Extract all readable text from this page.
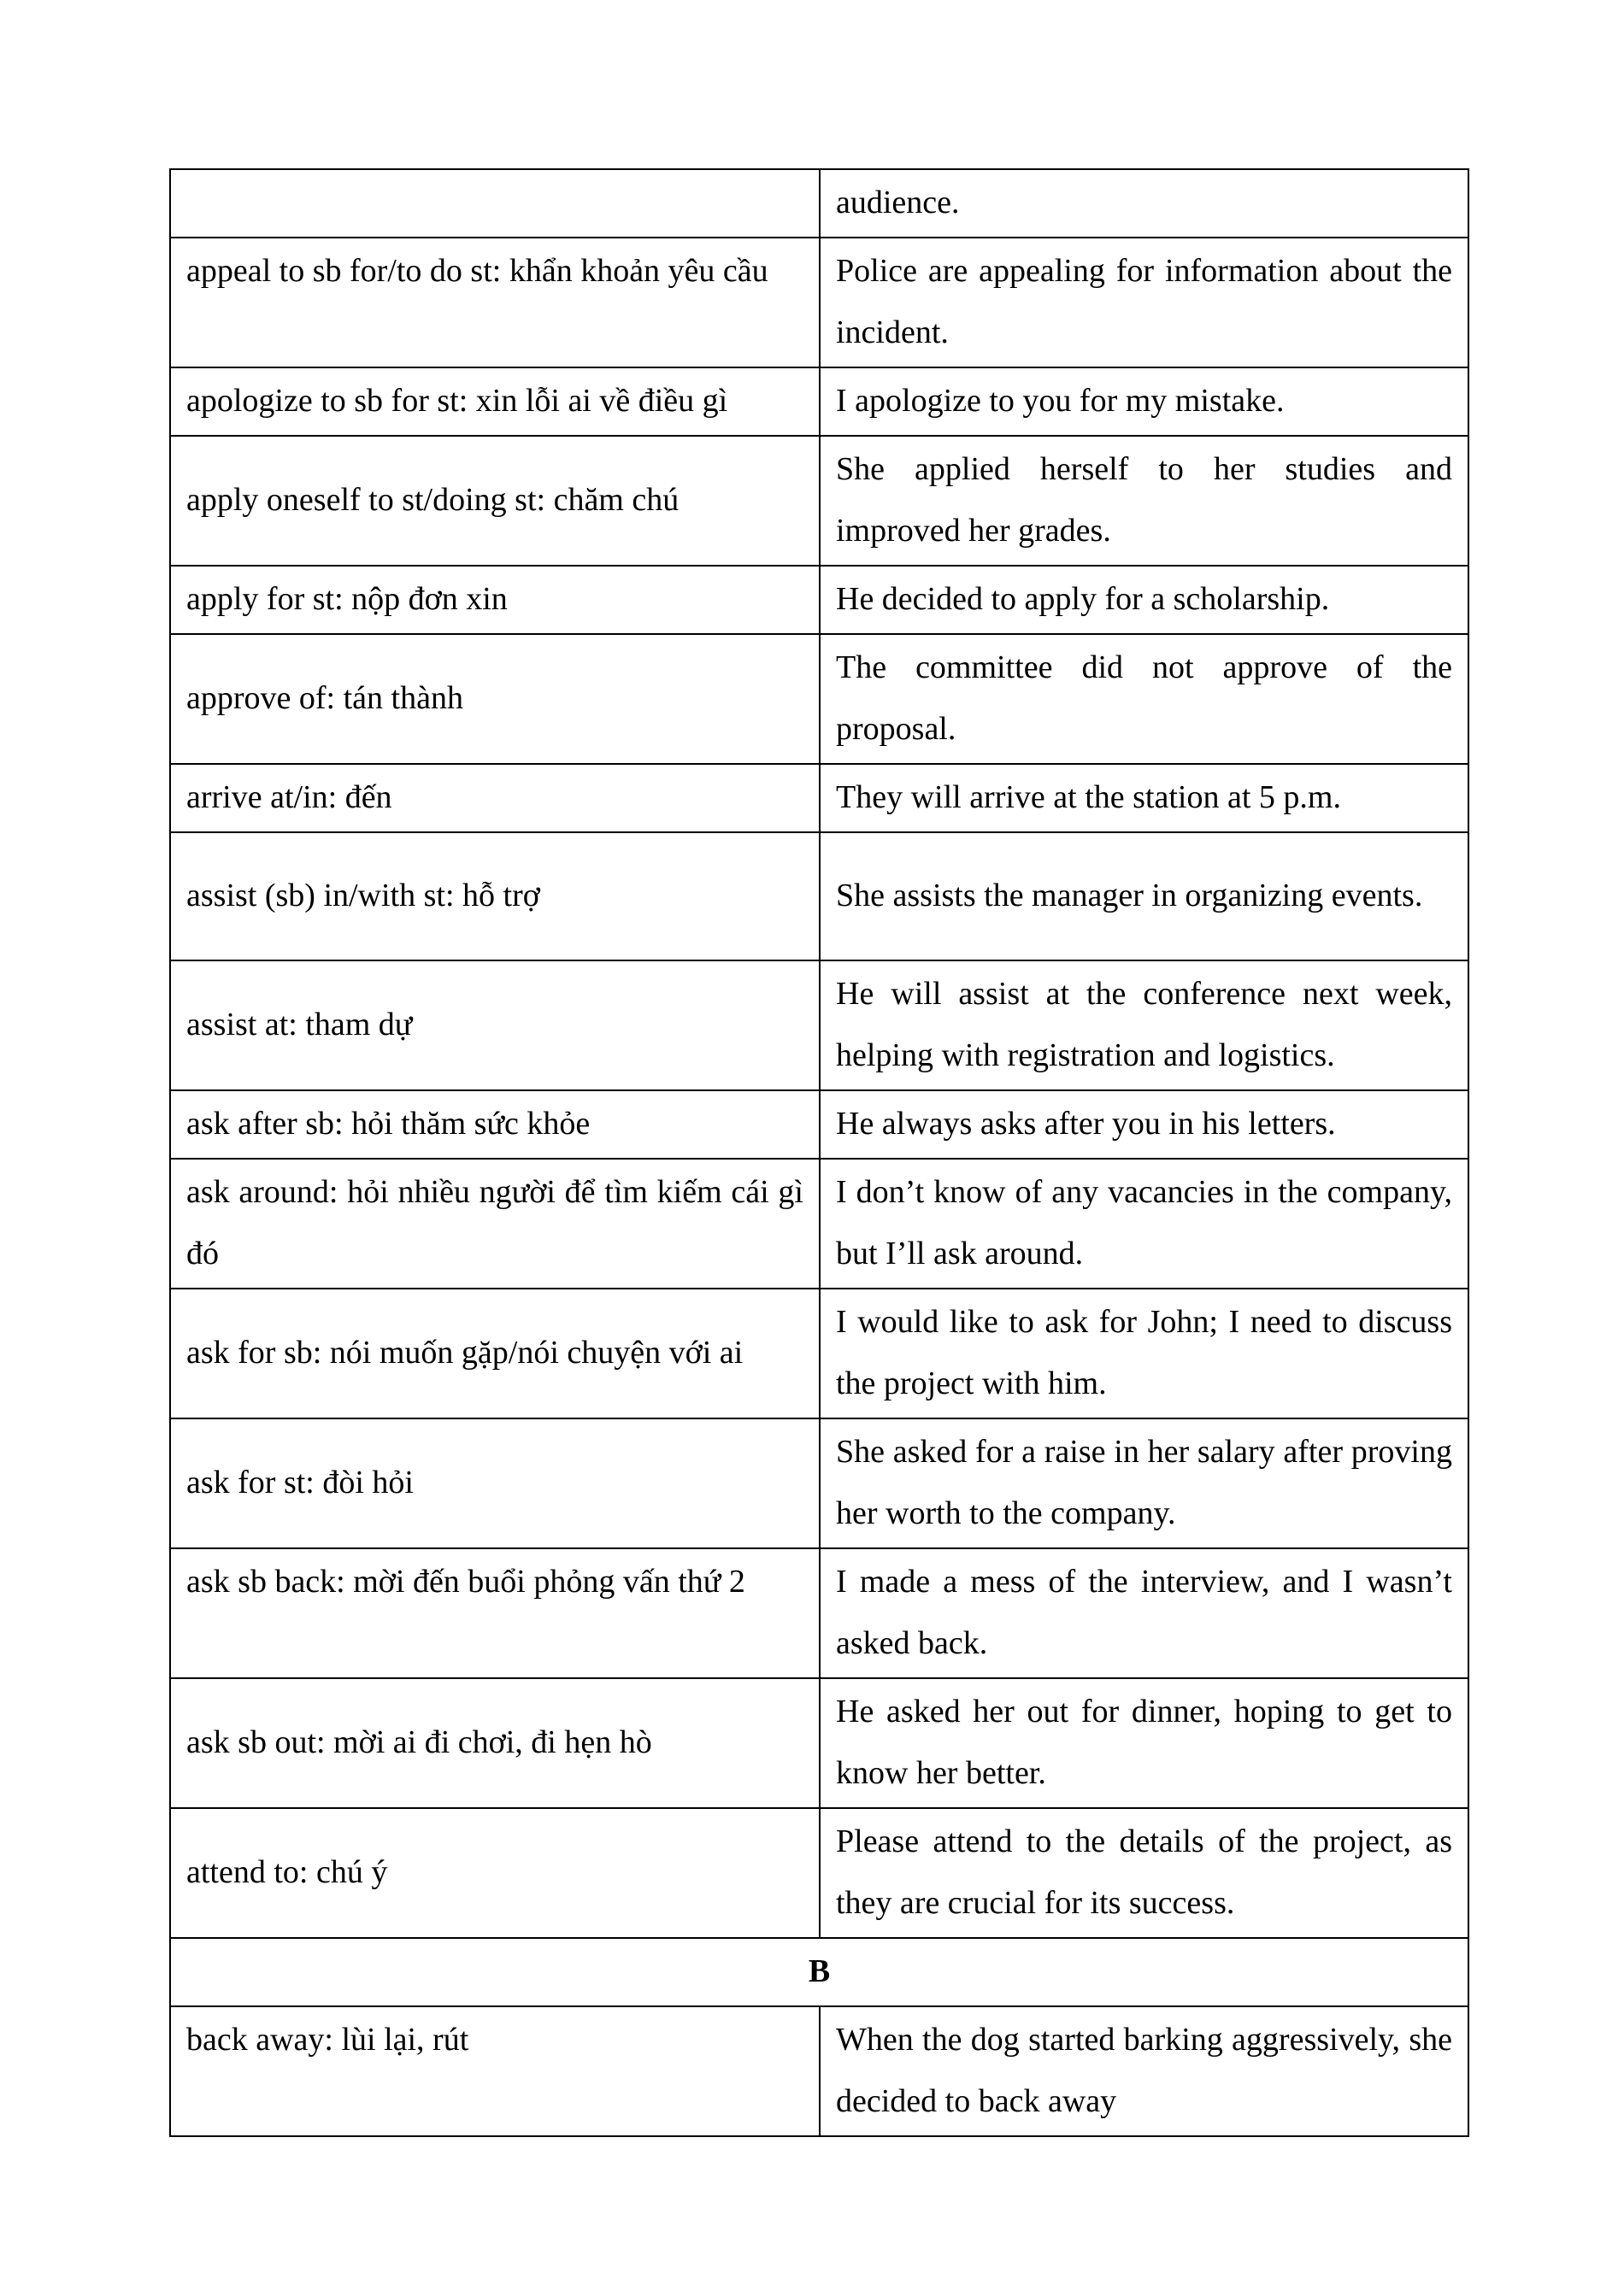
	audience.
appeal to sb for/to do st: khẩn khoản yêu cầu	Police are appealing for information about the incident.
apologize to sb for st: xin lỗi ai về điều gì	I apologize to you for my mistake.
apply oneself to st/doing st: chăm chú	She applied herself to her studies and improved her grades.
apply for st: nộp đơn xin	He decided to apply for a scholarship.
approve of: tán thành	The committee did not approve of the proposal.
arrive at/in: đến	They will arrive at the station at 5 p.m.
assist (sb) in/with st: hỗ trợ	She assists the manager in organizing events.
assist at: tham dự	He will assist at the conference next week, helping with registration and logistics.
ask after sb: hỏi thăm sức khỏe	He always asks after you in his letters.
ask around: hỏi nhiều người để tìm kiếm cái gì đó	I don’t know of any vacancies in the company, but I’ll ask around.
ask for sb: nói muốn gặp/nói chuyện với ai	I would like to ask for John; I need to discuss the project with him.
ask for st: đòi hỏi	She asked for a raise in her salary after proving her worth to the company.
ask sb back: mời đến buổi phỏng vấn thứ 2	I made a mess of the interview, and I wasn’t asked back.
ask sb out: mời ai đi chơi, đi hẹn hò	He asked her out for dinner, hoping to get to know her better.
attend to: chú ý	Please attend to the details of the project, as they are crucial for its success.
B	
back away: lùi lại, rút	When the dog started barking aggressively, she decided to back away
